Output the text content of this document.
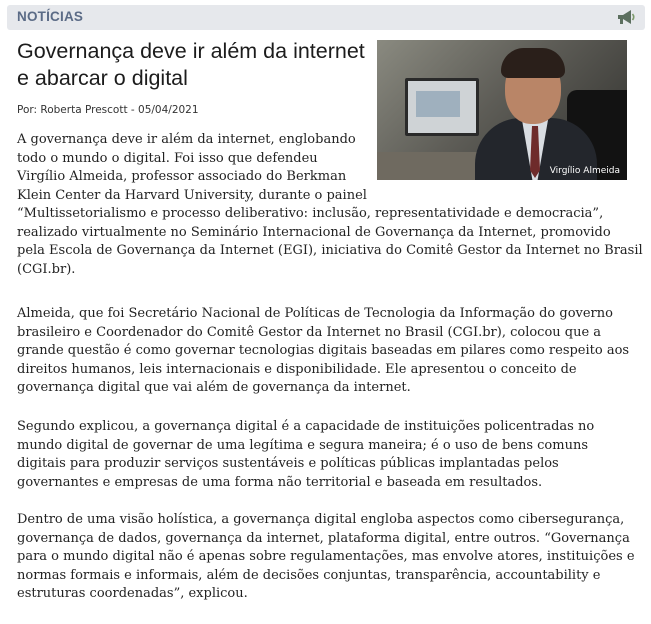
NOTÍCIAS
Governança deve ir além da internet
e abarcar o digital
Por: Roberta Prescott - 05/04/2021
Virgílio Almeida

A governança deve ir além da internet, englobando
todo o mundo o digital. Foi isso que defendeu
Virgílio Almeida, professor associado do Berkman
Klein Center da Harvard University, durante o painel
“Multissetorialismo e processo deliberativo: inclusão, representatividade e democracia”,
realizado virtualmente no Seminário Internacional de Governança da Internet, promovido
pela Escola de Governança da Internet (EGI), iniciativa do Comitê Gestor da Internet no Brasil
(CGI.br).

Almeida, que foi Secretário Nacional de Políticas de Tecnologia da Informação do governo
brasileiro e Coordenador do Comitê Gestor da Internet no Brasil (CGI.br), colocou que a
grande questão é como governar tecnologias digitais baseadas em pilares como respeito aos
direitos humanos, leis internacionais e disponibilidade. Ele apresentou o conceito de
governança digital que vai além de governança da internet.

Segundo explicou, a governança digital é a capacidade de instituições policentradas no
mundo digital de governar de uma legítima e segura maneira; é o uso de bens comuns
digitais para produzir serviços sustentáveis e políticas públicas implantadas pelos
governantes e empresas de uma forma não territorial e baseada em resultados.

Dentro de uma visão holística, a governança digital engloba aspectos como cibersegurança,
governança de dados, governança da internet, plataforma digital, entre outros. “Governança
para o mundo digital não é apenas sobre regulamentações, mas envolve atores, instituições e
normas formais e informais, além de decisões conjuntas, transparência, accountability e
estruturas coordenadas”, explicou.
